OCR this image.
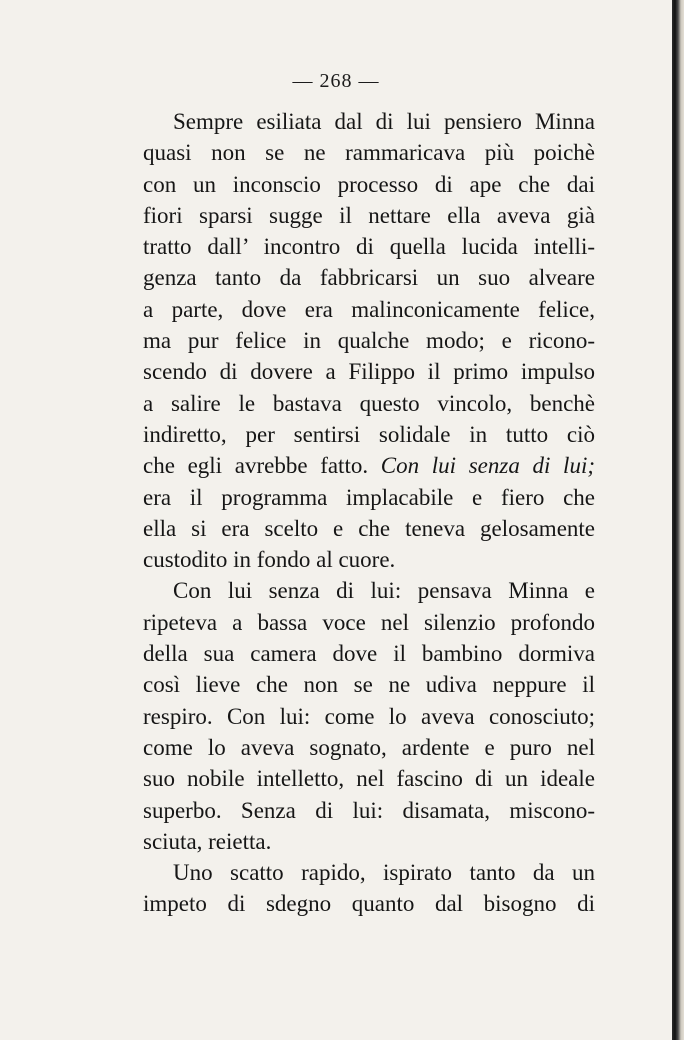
— 268 —
Sempre esiliata dal di lui pensiero Minna
quasi non se ne rammaricava più poichè
con un inconscio processo di ape che dai
fiori sparsi sugge il nettare ella aveva già
tratto dall’ incontro di quella lucida intelli-
genza tanto da fabbricarsi un suo alveare
a parte, dove era malinconicamente felice,
ma pur felice in qualche modo; e ricono-
scendo di dovere a Filippo il primo impulso
a salire le bastava questo vincolo, benchè
indiretto, per sentirsi solidale in tutto ciò
che egli avrebbe fatto. Con lui senza di lui;
era il programma implacabile e fiero che
ella si era scelto e che teneva gelosamente
custodito in fondo al cuore.
Con lui senza di lui: pensava Minna e
ripeteva a bassa voce nel silenzio profondo
della sua camera dove il bambino dormiva
così lieve che non se ne udiva neppure il
respiro. Con lui: come lo aveva conosciuto;
come lo aveva sognato, ardente e puro nel
suo nobile intelletto, nel fascino di un ideale
superbo. Senza di lui: disamata, miscono-
sciuta, reietta.
Uno scatto rapido, ispirato tanto da un
impeto di sdegno quanto dal bisogno di
